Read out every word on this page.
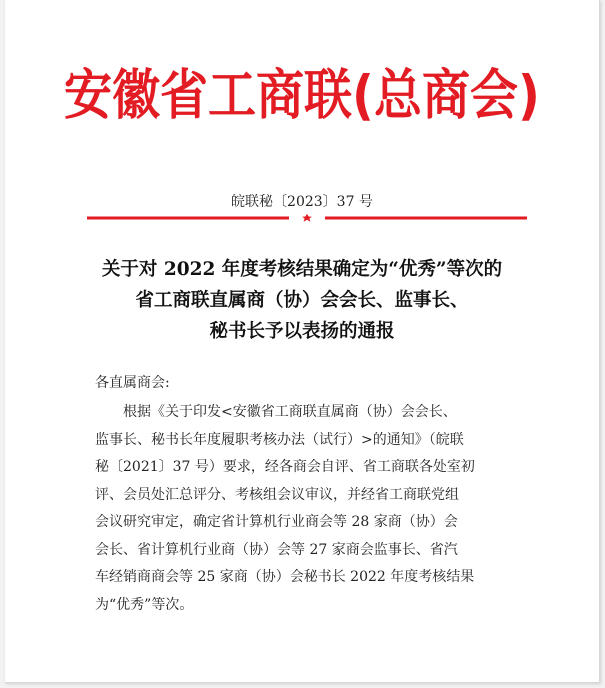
安徽省工商联(总商会)
皖联秘〔2023〕37 号
关于对 2022 年度考核结果确定为“优秀”等次的
省工商联直属商（协）会会长、监事长、
秘书长予以表扬的通报
各直属商会:
根据《关于印发<安徽省工商联直属商（协）会会长、
监事长、秘书长年度履职考核办法（试行）>的通知》（皖联
秘〔2021〕37 号）要求，经各商会自评、省工商联各处室初
评、会员处汇总评分、考核组会议审议，并经省工商联党组
会议研究审定，确定省计算机行业商会等 28 家商（协）会
会长、省计算机行业商（协）会等 27 家商会监事长、省汽
车经销商商会等 25 家商（协）会秘书长 2022 年度考核结果
为“优秀”等次。
